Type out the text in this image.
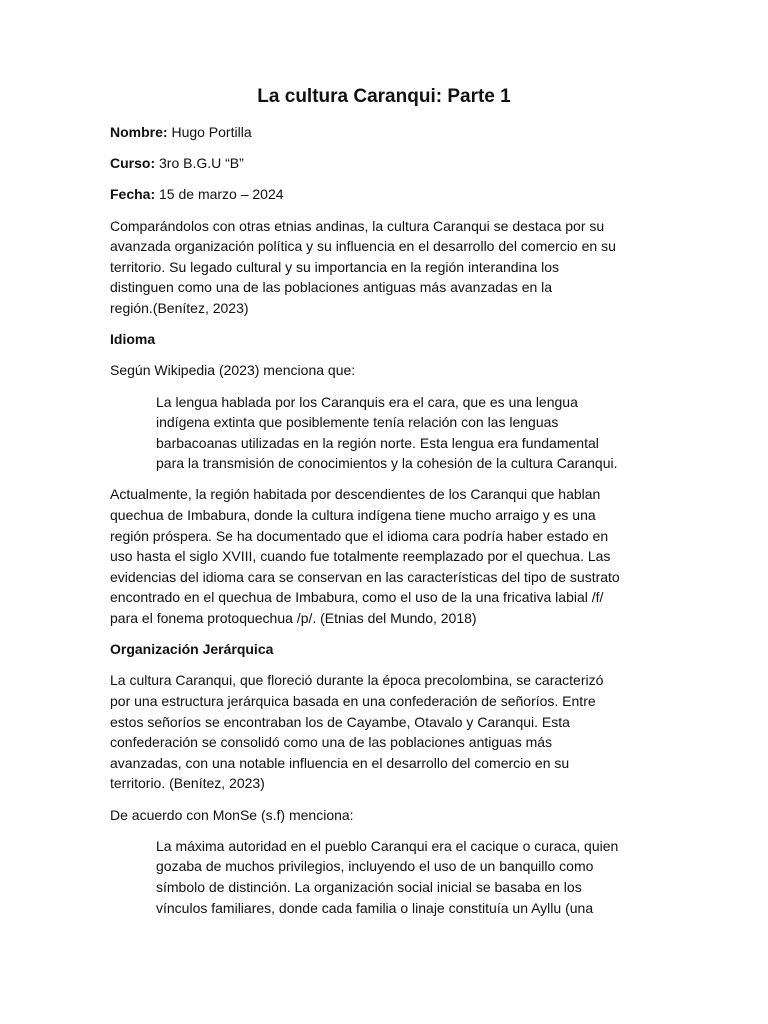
La cultura Caranqui: Parte 1

Nombre: Hugo Portilla

Curso: 3ro B.G.U “B”

Fecha: 15 de marzo – 2024

Comparándolos con otras etnias andinas, la cultura Caranqui se destaca por su
avanzada organización política y su influencia en el desarrollo del comercio en su
territorio. Su legado cultural y su importancia en la región interandina los
distinguen como una de las poblaciones antiguas más avanzadas en la
región.(Benítez, 2023)

Idioma

Según Wikipedia (2023) menciona que:

La lengua hablada por los Caranquis era el cara, que es una lengua
indígena extinta que posiblemente tenía relación con las lenguas
barbacoanas utilizadas en la región norte. Esta lengua era fundamental
para la transmisión de conocimientos y la cohesión de la cultura Caranqui.

Actualmente, la región habitada por descendientes de los Caranqui que hablan
quechua de Imbabura, donde la cultura indígena tiene mucho arraigo y es una
región próspera. Se ha documentado que el idioma cara podría haber estado en
uso hasta el siglo XVIII, cuando fue totalmente reemplazado por el quechua. Las
evidencias del idioma cara se conservan en las características del tipo de sustrato
encontrado en el quechua de Imbabura, como el uso de la una fricativa labial /f/
para el fonema protoquechua /p/. (Etnias del Mundo, 2018)

Organización Jerárquica

La cultura Caranqui, que floreció durante la época precolombina, se caracterizó
por una estructura jerárquica basada en una confederación de señoríos. Entre
estos señoríos se encontraban los de Cayambe, Otavalo y Caranqui. Esta
confederación se consolidó como una de las poblaciones antiguas más
avanzadas, con una notable influencia en el desarrollo del comercio en su
territorio. (Benítez, 2023)

De acuerdo con MonSe (s.f) menciona:

La máxima autoridad en el pueblo Caranqui era el cacique o curaca, quien
gozaba de muchos privilegios, incluyendo el uso de un banquillo como
símbolo de distinción. La organización social inicial se basaba en los
vínculos familiares, donde cada familia o linaje constituía un Ayllu (una
